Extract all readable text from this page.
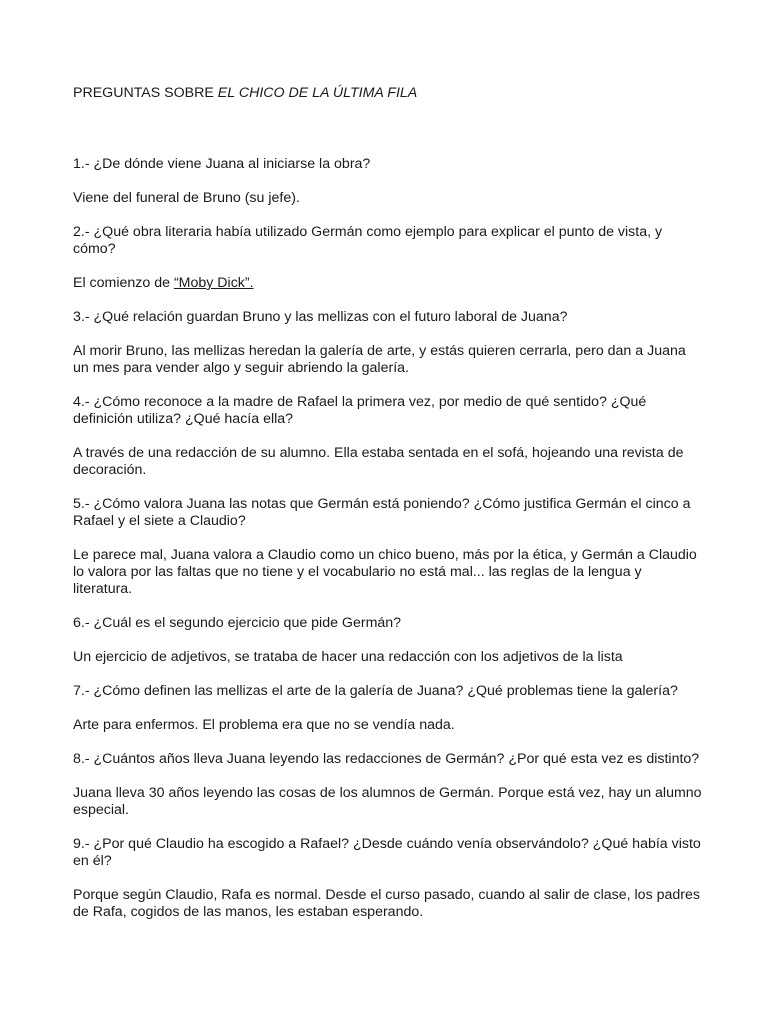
PREGUNTAS SOBRE EL CHICO DE LA ÚLTIMA FILA

1.- ¿De dónde viene Juana al iniciarse la obra?

Viene del funeral de Bruno (su jefe).

2.- ¿Qué obra literaria había utilizado Germán como ejemplo para explicar el punto de vista, y cómo?

El comienzo de “Moby Dick”.

3.- ¿Qué relación guardan Bruno y las mellizas con el futuro laboral de Juana?

Al morir Bruno, las mellizas heredan la galería de arte, y estás quieren cerrarla, pero dan a Juana un mes para vender algo y seguir abriendo la galería.

4.- ¿Cómo reconoce a la madre de Rafael la primera vez, por medio de qué sentido? ¿Qué definición utiliza? ¿Qué hacía ella?

A través de una redacción de su alumno. Ella estaba sentada en el sofá, hojeando una revista de decoración.

5.- ¿Cómo valora Juana las notas que Germán está poniendo? ¿Cómo justifica Germán el cinco a Rafael y el siete a Claudio?

Le parece mal, Juana valora a Claudio como un chico bueno, más por la ética, y Germán a Claudio lo valora por las faltas que no tiene y el vocabulario no está mal... las reglas de la lengua y literatura.

6.- ¿Cuál es el segundo ejercicio que pide Germán?

Un ejercicio de adjetivos, se trataba de hacer una redacción con los adjetivos de la lista

7.- ¿Cómo definen las mellizas el arte de la galería de Juana? ¿Qué problemas tiene la galería?

Arte para enfermos. El problema era que no se vendía nada.

8.- ¿Cuántos años lleva Juana leyendo las redacciones de Germán? ¿Por qué esta vez es distinto?

Juana lleva 30 años leyendo las cosas de los alumnos de Germán. Porque está vez, hay un alumno especial.

9.- ¿Por qué Claudio ha escogido a Rafael? ¿Desde cuándo venía observándolo? ¿Qué había visto en él?

Porque según Claudio, Rafa es normal. Desde el curso pasado, cuando al salir de clase, los padres de Rafa, cogidos de las manos, les estaban esperando.
